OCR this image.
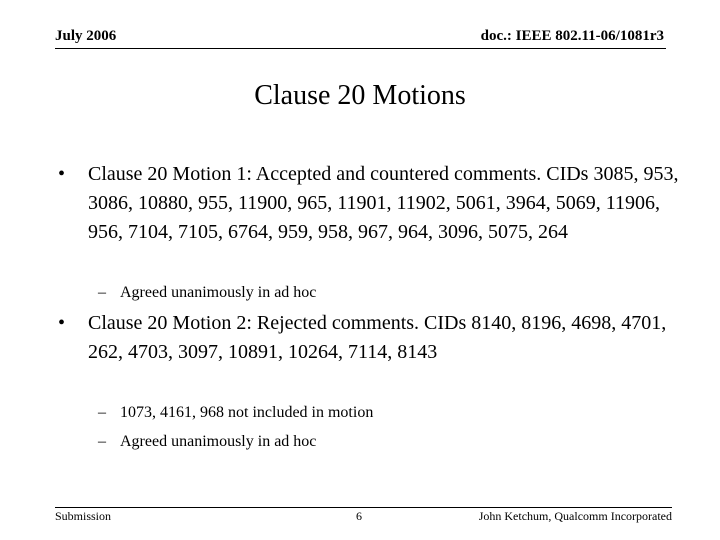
July 2006	doc.: IEEE 802.11-06/1081r3
Clause 20 Motions
• Clause 20 Motion 1: Accepted and countered comments. CIDs 3085, 953, 3086, 10880, 955, 11900, 965, 11901, 11902, 5061, 3964, 5069, 11906, 956, 7104, 7105, 6764, 959, 958, 967, 964, 3096, 5075, 264
– Agreed unanimously in ad hoc
• Clause 20 Motion 2: Rejected comments. CIDs 8140, 8196, 4698, 4701, 262, 4703, 3097, 10891, 10264, 7114, 8143
– 1073, 4161, 968 not included in motion
– Agreed unanimously in ad hoc
Submission	6	John Ketchum, Qualcomm Incorporated
